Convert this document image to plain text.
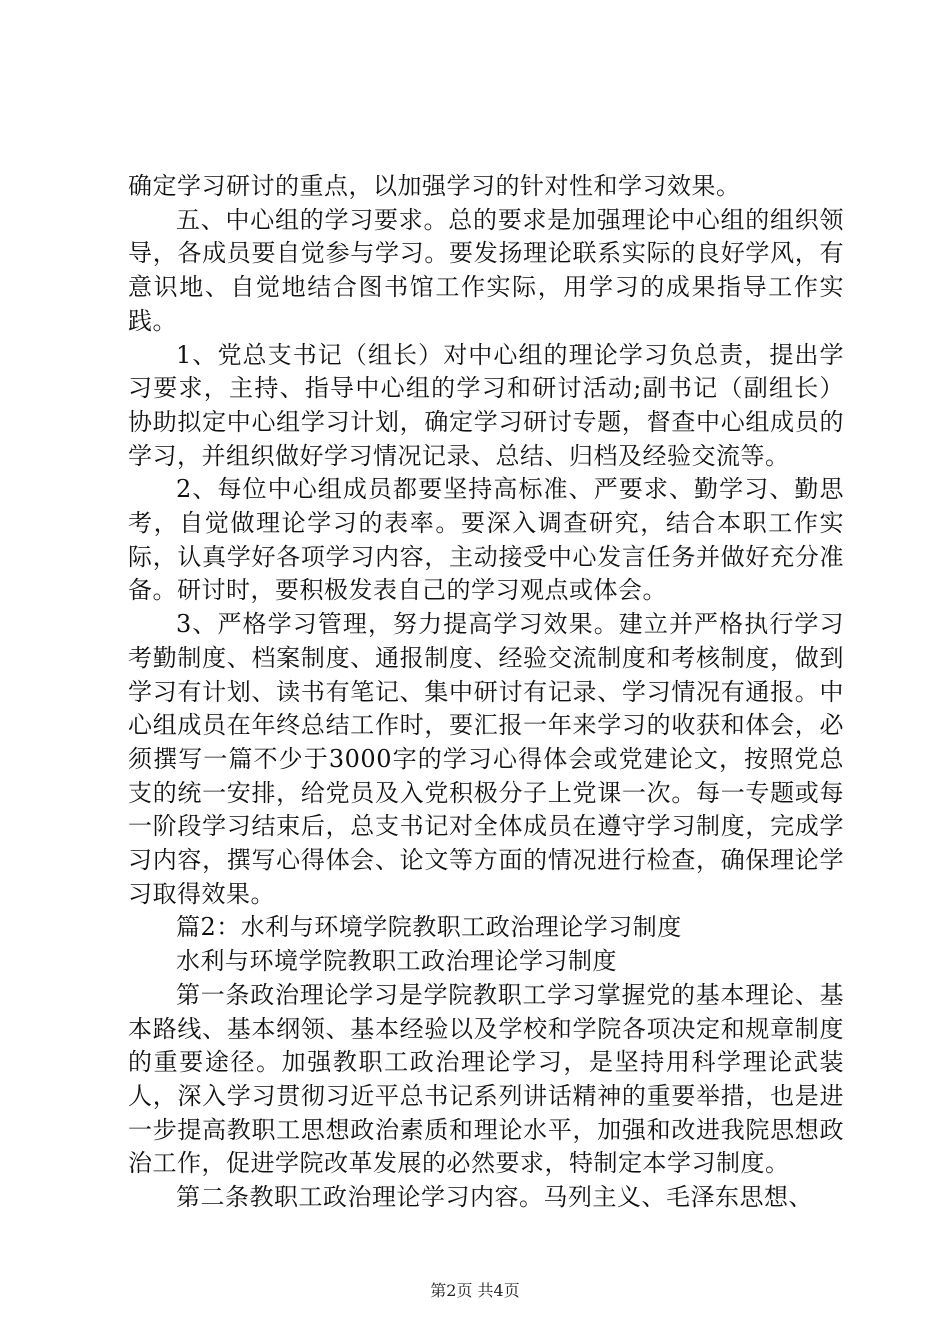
确定学习研讨的重点，以加强学习的针对性和学习效果。

五、中心组的学习要求。总的要求是加强理论中心组的组织领导，各成员要自觉参与学习。要发扬理论联系实际的良好学风，有意识地、自觉地结合图书馆工作实际，用学习的成果指导工作实践。

1、党总支书记（组长）对中心组的理论学习负总责，提出学习要求，主持、指导中心组的学习和研讨活动;副书记（副组长）协助拟定中心组学习计划，确定学习研讨专题，督查中心组成员的学习，并组织做好学习情况记录、总结、归档及经验交流等。

2、每位中心组成员都要坚持高标准、严要求、勤学习、勤思考，自觉做理论学习的表率。要深入调查研究，结合本职工作实际，认真学好各项学习内容，主动接受中心发言任务并做好充分准备。研讨时，要积极发表自己的学习观点或体会。

3、严格学习管理，努力提高学习效果。建立并严格执行学习考勤制度、档案制度、通报制度、经验交流制度和考核制度，做到学习有计划、读书有笔记、集中研讨有记录、学习情况有通报。中心组成员在年终总结工作时，要汇报一年来学习的收获和体会，必须撰写一篇不少于3000字的学习心得体会或党建论文，按照党总支的统一安排，给党员及入党积极分子上党课一次。每一专题或每一阶段学习结束后，总支书记对全体成员在遵守学习制度，完成学习内容，撰写心得体会、论文等方面的情况进行检查，确保理论学习取得效果。

篇2：水利与环境学院教职工政治理论学习制度

水利与环境学院教职工政治理论学习制度

第一条政治理论学习是学院教职工学习掌握党的基本理论、基本路线、基本纲领、基本经验以及学校和学院各项决定和规章制度的重要途径。加强教职工政治理论学习，是坚持用科学理论武装人，深入学习贯彻习近平总书记系列讲话精神的重要举措，也是进一步提高教职工思想政治素质和理论水平，加强和改进我院思想政治工作，促进学院改革发展的必然要求，特制定本学习制度。

第二条教职工政治理论学习内容。马列主义、毛泽东思想、

第2页 共4页
